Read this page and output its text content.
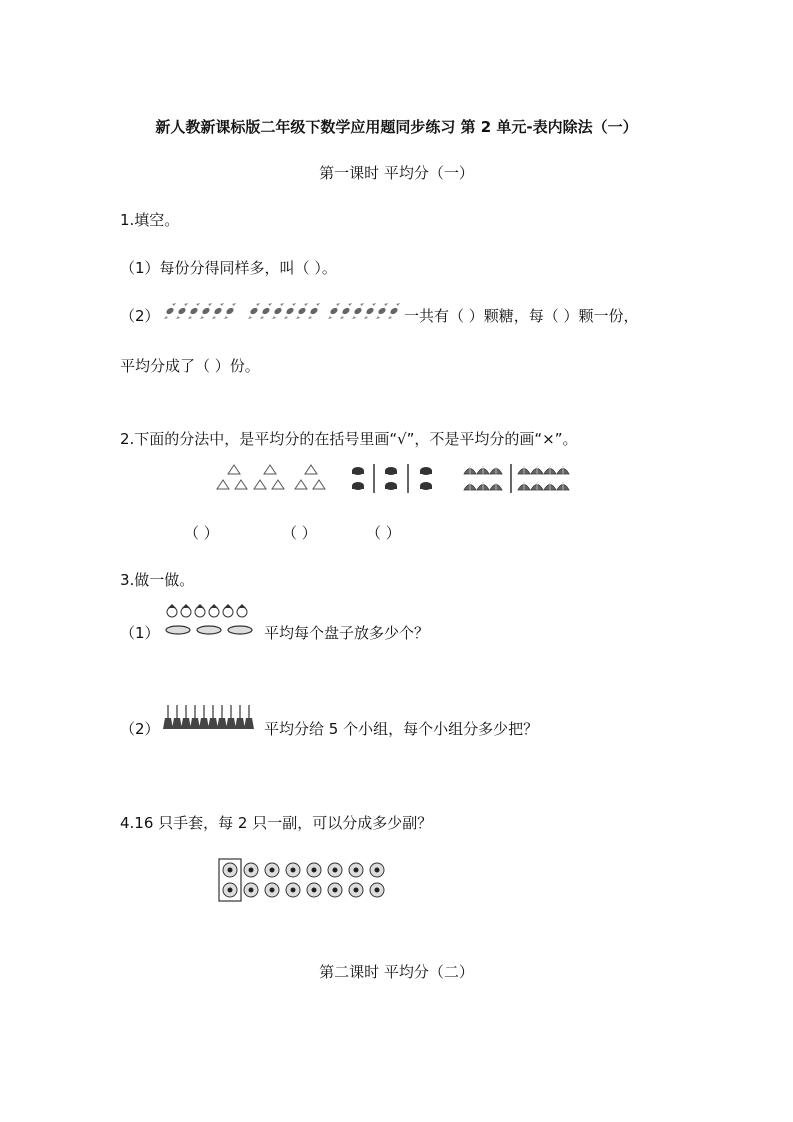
新人教新课标版二年级下数学应用题同步练习 第 2 单元-表内除法（一）
第一课时 平均分（一）
1.填空。
（1）每份分得同样多，叫（ ）。
（2）	一共有（ ）颗糖，每（ ）颗一份，
平均分成了（ ）份。
2.下面的分法中，是平均分的在括号里画“√”，不是平均分的画“×”。
（ ）	（ ）	（ ）
3.做一做。
（1）	平均每个盘子放多少个？
（2）	平均分给 5 个小组，每个小组分多少把？
4.16 只手套，每 2 只一副，可以分成多少副？
第二课时 平均分（二）
